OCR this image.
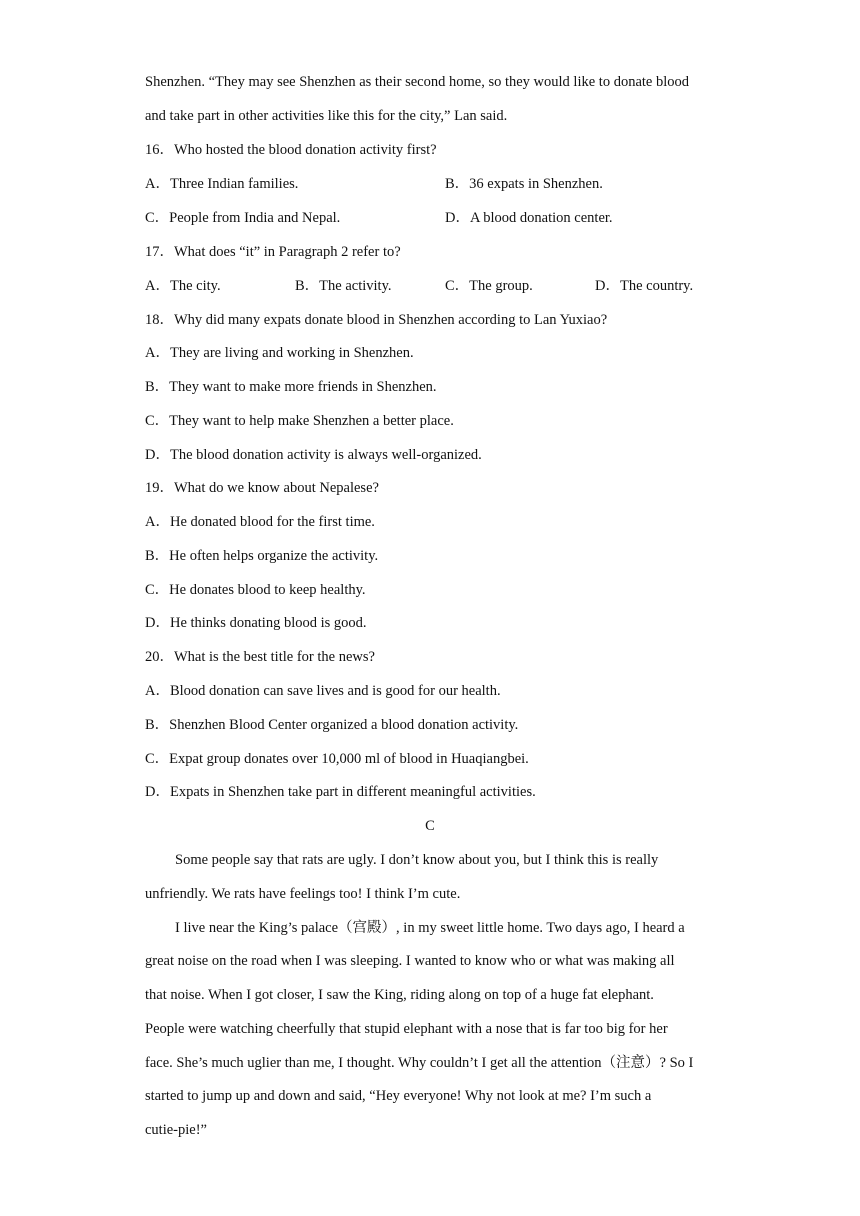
Shenzhen. “They may see Shenzhen as their second home, so they would like to donate blood
and take part in other activities like this for the city,” Lan said.
16．Who hosted the blood donation activity first?
A．Three Indian families.	B．36 expats in Shenzhen.
C．People from India and Nepal.	D．A blood donation center.
17．What does “it” in Paragraph 2 refer to?
A．The city.	B．The activity.	C．The group.	D．The country.
18．Why did many expats donate blood in Shenzhen according to Lan Yuxiao?
A．They are living and working in Shenzhen.
B．They want to make more friends in Shenzhen.
C．They want to help make Shenzhen a better place.
D．The blood donation activity is always well-organized.
19．What do we know about Nepalese?
A．He donated blood for the first time.
B．He often helps organize the activity.
C．He donates blood to keep healthy.
D．He thinks donating blood is good.
20．What is the best title for the news?
A．Blood donation can save lives and is good for our health.
B．Shenzhen Blood Center organized a blood donation activity.
C．Expat group donates over 10,000 ml of blood in Huaqiangbei.
D．Expats in Shenzhen take part in different meaningful activities.
C
Some people say that rats are ugly. I don’t know about you, but I think this is really
unfriendly. We rats have feelings too! I think I’m cute.
I live near the King’s palace（宫殿）, in my sweet little home. Two days ago, I heard a
great noise on the road when I was sleeping. I wanted to know who or what was making all
that noise. When I got closer, I saw the King, riding along on top of a huge fat elephant.
People were watching cheerfully that stupid elephant with a nose that is far too big for her
face. She’s much uglier than me, I thought. Why couldn’t I get all the attention（注意）? So I
started to jump up and down and said, “Hey everyone! Why not look at me? I’m such a
cutie-pie!”
